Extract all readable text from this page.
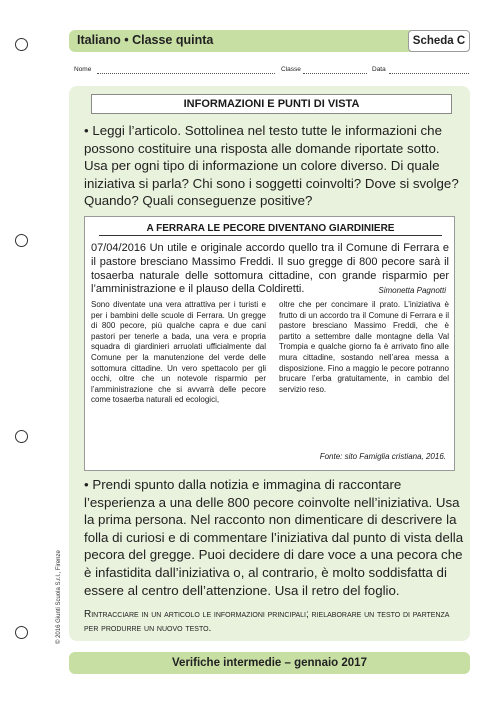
Italiano • Classe quinta	Scheda C
Nome	Classe	Data
INFORMAZIONI E PUNTI DI VISTA
• Leggi l’articolo. Sottolinea nel testo tutte le informazioni che possono costituire una risposta alle domande riportate sotto. Usa per ogni tipo di informazione un colore diverso. Di quale iniziativa si parla? Chi sono i soggetti coinvolti? Dove si svolge? Quando? Quali conseguenze positive?
A FERRARA LE PECORE DIVENTANO GIARDINIERE
07/04/2016 Un utile e originale accordo quello tra il Comune di Ferrara e il pastore bresciano Massimo Freddi. Il suo gregge di 800 pecore sarà il tosaerba naturale delle sottomura cittadine, con grande risparmio per l’amministrazione e il plauso della Coldiretti.	Simonetta Pagnotti
Sono diventate una vera attrattiva per i turisti e per i bambini delle scuole di Ferrara. Un gregge di 800 pecore, più qualche capra e due cani pastori per tenerle a bada, una vera e propria squadra di giardinieri arruolati ufficialmente dal Comune per la manutenzione del verde delle sottomura cittadine. Un vero spettacolo per gli occhi, oltre che un notevole risparmio per l’amministrazione che si avvarrà delle pecore come tosaerba naturali ed ecologici,
oltre che per concimare il prato. L’iniziativa è frutto di un accordo tra il Comune di Ferrara e il pastore bresciano Massimo Freddi, che è partito a settembre dalle montagne della Val Trompia e qualche giorno fa è arrivato fino alle mura cittadine, sostando nell’area messa a disposizione. Fino a maggio le pecore potranno brucare l’erba gratuitamente, in cambio del servizio reso.
Fonte: sito Famiglia cristiana, 2016.
• Prendi spunto dalla notizia e immagina di raccontare l’esperienza a una delle 800 pecore coinvolte nell’iniziativa. Usa la prima persona. Nel racconto non dimenticare di descrivere la folla di curiosi e di commentare l’iniziativa dal punto di vista della pecora del gregge. Puoi decidere di dare voce a una pecora che è infastidita dall’iniziativa o, al contrario, è molto soddisfatta di essere al centro dell’attenzione. Usa il retro del foglio.
Rintracciare in un articolo le informazioni principali; rielaborare un testo di partenza per produrre un nuovo testo.
Verifiche intermedie – gennaio 2017
© 2016 Giunti Scuola S.r.l., Firenze
